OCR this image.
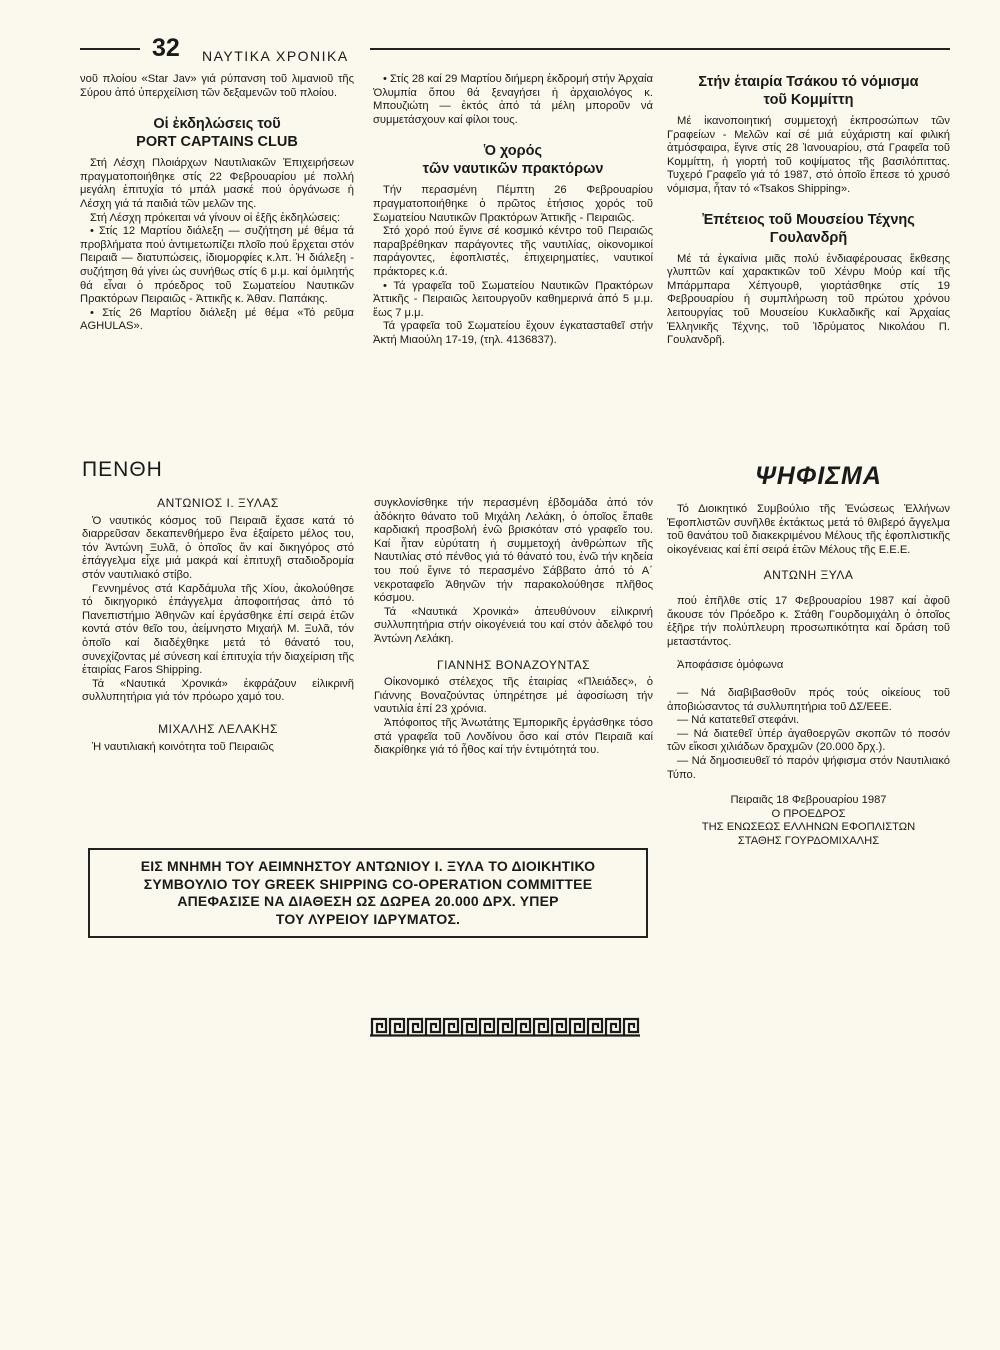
32 ΝΑΥΤΙΚΑ ΧΡΟΝΙΚΑ

νοῦ πλοίου «Star Jav» γιά ρύπανση τοῦ λιμανιοῦ τῆς Σύρου ἀπό ὑπερχείλιση τῶν δεξαμενῶν τοῦ πλοίου.

Οἱ ἐκδηλώσεις τοῦ

PORT CAPTAINS CLUB

Στή Λέσχη Πλοιάρχων Ναυτιλιακῶν Ἐπιχειρήσεων πραγματοποιήθηκε στίς 22 Φεβρουαρίου μέ πολλή μεγάλη ἐπιτυχία τό μπάλ μασκέ πού ὀργάνωσε ἡ Λέσχη γιά τά παιδιά τῶν μελῶν της.

Στή Λέσχη πρόκειται νά γίνουν οἱ ἑξῆς ἐκδηλώσεις:

• Στίς 12 Μαρτίου διάλεξη — συζήτηση μέ θέμα τά προβλήματα πού ἀντιμετωπίζει πλοῖο πού ἔρχεται στόν Πειραιᾶ — διατυπώσεις, ἰδιομορφίες κ.λπ. Ἡ διάλεξη - συζήτηση θά γίνει ὡς συνήθως στίς 6 μ.μ. καί ὁμιλητής θά εἶναι ὁ πρόεδρος τοῦ Σωματείου Ναυτικῶν Πρακτόρων Πειραιῶς - Ἀττικῆς κ. Ἀθαν. Παπάκης.

• Στίς 26 Μαρτίου διάλεξη μέ θέμα «Τό ρεῦμα AGHULAS».

• Στίς 28 καί 29 Μαρτίου διήμερη ἐκδρομή στήν Ἀρχαία Ὀλυμπία ὅπου θά ξεναγήσει ἡ ἀρχαιολόγος κ. Μπουζιώτη — ἐκτός ἀπό τά μέλη μποροῦν νά συμμετάσχουν καί φίλοι τους.

Ὁ χορός

τῶν ναυτικῶν πρακτόρων

Τήν περασμένη Πέμπτη 26 Φεβρουαρίου πραγματοποιήθηκε ὁ πρῶτος ἐτήσιος χορός τοῦ Σωματείου Ναυτικῶν Πρακτόρων Ἀττικῆς - Πειραιῶς.

Στό χορό πού ἔγινε σέ κοσμικό κέντρο τοῦ Πειραιῶς παραβρέθηκαν παράγοντες τῆς ναυτιλίας, οἰκονομικοί παράγοντες, ἐφοπλιστές, ἐπιχειρηματίες, ναυτικοί πράκτορες κ.ά.

• Τά γραφεῖα τοῦ Σωματείου Ναυτικῶν Πρακτόρων Ἀττικῆς - Πειραιῶς λειτουργοῦν καθημερινά ἀπό 5 μ.μ. ἕως 7 μ.μ.

Τά γραφεῖα τοῦ Σωματείου ἔχουν ἐγκατασταθεῖ στήν Ἀκτή Μιαούλη 17-19, (τηλ. 4136837).

Στήν ἑταιρία Τσάκου τό νόμισμα

τοῦ Κομμίττη

Μέ ἱκανοποιητική συμμετοχή ἐκπροσώπων τῶν Γραφείων - Μελῶν καί σέ μιά εὐχάριστη καί φιλική ἀτμόσφαιρα, ἔγινε στίς 28 Ἰανουαρίου, στά Γραφεῖα τοῦ Κομμίττη, ἡ γιορτή τοῦ κοψίματος τῆς βασιλόπιττας. Τυχερό Γραφεῖο γιά τό 1987, στό ὁποῖο ἔπεσε τό χρυσό νόμισμα, ἦταν τό «Tsakos Shipping».

Ἐπέτειος τοῦ Μουσείου Τέχνης

Γουλανδρῆ

Μέ τά ἐγκαίνια μιᾶς πολύ ἐνδιαφέρουσας ἔκθεσης γλυπτῶν καί χαρακτικῶν τοῦ Χένρυ Μούρ καί τῆς Μπάρμπαρα Χέπγουρθ, γιορτάσθηκε στίς 19 Φεβρουαρίου ἡ συμπλήρωση τοῦ πρώτου χρόνου λειτουργίας τοῦ Μουσείου Κυκλαδικῆς καί Ἀρχαίας Ἑλληνικῆς Τέχνης, τοῦ Ἱδρύματος Νικολάου Π. Γουλανδρῆ.

ΠΕΝΘΗ

ΑΝΤΩΝΙΟΣ Ι. ΞΥΛΑΣ

Ὁ ναυτικός κόσμος τοῦ Πειραιᾶ ἔχασε κατά τό διαρρεῦσαν δεκαπενθήμερο ἕνα ἐξαίρετο μέλος του, τόν Ἀντώνη Ξυλᾶ, ὁ ὁποῖος ἄν καί δικηγόρος στό ἐπάγγελμα εἶχε μιά μακρά καί ἐπιτυχῆ σταδιοδρομία στόν ναυτιλιακό στίβο.

Γεννημένος στά Καρδάμυλα τῆς Χίου, ἀκολούθησε τό δικηγορικό ἐπάγγελμα ἀποφοιτήσας ἀπό τό Πανεπιστήμιο Ἀθηνῶν καί ἐργάσθηκε ἐπί σειρά ἐτῶν κοντά στόν θεῖο του, ἀείμνηστο Μιχαήλ Μ. Ξυλᾶ, τόν ὁποῖο καί διαδέχθηκε μετά τό θάνατό του, συνεχίζοντας μέ σύνεση καί ἐπιτυχία τήν διαχείριση τῆς ἑταιρίας Faros Shipping.

Τά «Ναυτικά Χρονικά» ἐκφράζουν εἰλικρινῆ συλλυπητήρια γιά τόν πρόωρο χαμό του.

ΜΙΧΑΛΗΣ ΛΕΛΑΚΗΣ

Ἡ ναυτιλιακή κοινότητα τοῦ Πειραιῶς

συγκλονίσθηκε τήν περασμένη ἑβδομάδα ἀπό τόν ἀδόκητο θάνατο τοῦ Μιχάλη Λελάκη, ὁ ὁποῖος ἔπαθε καρδιακή προσβολή ἐνῶ βρισκόταν στό γραφεῖο του. Καί ἦταν εὐρύτατη ἡ συμμετοχή ἀνθρώπων τῆς Ναυτιλίας στό πένθος γιά τό θάνατό του, ἐνῶ τήν κηδεία του πού ἔγινε τό περασμένο Σάββατο ἀπό τό Α΄ νεκροταφεῖο Ἀθηνῶν τήν παρακολούθησε πλῆθος κόσμου.

Τά «Ναυτικά Χρονικά» ἀπευθύνουν εἰλικρινή συλλυπητήρια στήν οἰκογένειά του καί στόν ἀδελφό του Ἀντώνη Λελάκη.

ΓΙΑΝΝΗΣ ΒΟΝΑΖΟΥΝΤΑΣ

Οἰκονομικό στέλεχος τῆς ἑταιρίας «Πλειάδες», ὁ Γιάννης Βοναζούντας ὑπηρέτησε μέ ἀφοσίωση τήν ναυτιλία ἐπί 23 χρόνια.

Ἀπόφοιτος τῆς Ἀνωτάτης Ἐμπορικῆς ἐργάσθηκε τόσο στά γραφεῖα τοῦ Λονδίνου ὅσο καί στόν Πειραιᾶ καί διακρίθηκε γιά τό ἦθος καί τήν ἐντιμότητά του.

ΨΗΦΙΣΜΑ

Τό Διοικητικό Συμβούλιο τῆς Ἑνώσεως Ἑλλήνων Ἐφοπλιστῶν συνῆλθε ἐκτάκτως μετά τό θλιβερό ἄγγελμα τοῦ θανάτου τοῦ διακεκριμένου Μέλους τῆς ἐφοπλιστικῆς οἰκογένειας καί ἐπί σειρά ἐτῶν Μέλους τῆς Ε.Ε.Ε.

ΑΝΤΩΝΗ ΞΥΛΑ

πού ἐπῆλθε στίς 17 Φεβρουαρίου 1987 καί ἀφοῦ ἄκουσε τόν Πρόεδρο κ. Στάθη Γουρδομιχάλη ὁ ὁποῖος ἐξῆρε τήν πολύπλευρη προσωπικότητα καί δράση τοῦ μεταστάντος.

Ἀποφάσισε ὁμόφωνα

— Νά διαβιβασθοῦν πρός τούς οἰκείους τοῦ ἀποβιώσαντος τά συλλυπητήρια τοῦ ΔΣ/ΕΕΕ.

— Νά κατατεθεῖ στεφάνι.

— Νά διατεθεῖ ὑπέρ ἀγαθοεργῶν σκοπῶν τό ποσόν τῶν εἴκοσι χιλιάδων δραχμῶν (20.000 δρχ.).

— Νά δημοσιευθεῖ τό παρόν ψήφισμα στόν Ναυτιλιακό Τύπο.

Πειραιᾶς 18 Φεβρουαρίου 1987

Ο ΠΡΟΕΔΡΟΣ

ΤΗΣ ΕΝΩΣΕΩΣ ΕΛΛΗΝΩΝ ΕΦΟΠΛΙΣΤΩΝ

ΣΤΑΘΗΣ ΓΟΥΡΔΟΜΙΧΑΛΗΣ

ΕΙΣ ΜΝΗΜΗ ΤΟΥ ΑΕΙΜΝΗΣΤΟΥ ΑΝΤΩΝΙΟΥ Ι. ΞΥΛΑ ΤΟ ΔΙΟΙΚΗΤΙΚΟ
ΣΥΜΒΟΥΛΙΟ ΤΟΥ GREEK SHIPPING CO-OPERATION COMMITTEE
ΑΠΕΦΑΣΙΣΕ ΝΑ ΔΙΑΘΕΣΗ ΩΣ ΔΩΡΕΑ 20.000 ΔΡΧ. ΥΠΕΡ
ΤΟΥ ΛΥΡΕΙΟΥ ΙΔΡΥΜΑΤΟΣ.
